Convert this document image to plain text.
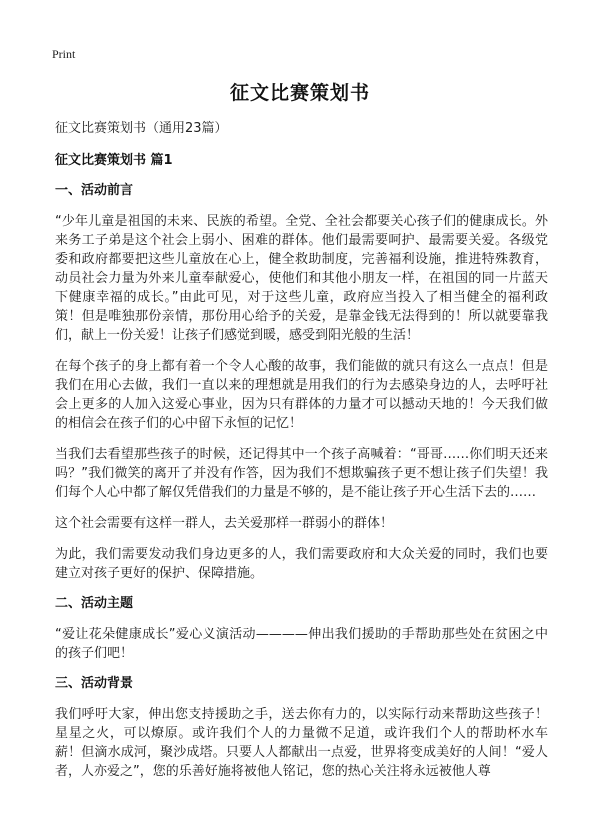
Print
征文比赛策划书

征文比赛策划书（通用23篇）

征文比赛策划书 篇1

一、活动前言

“少年儿童是祖国的未来、民族的希望。全党、全社会都要关心孩子们的健康成长。外来务工子弟是这个社会上弱小、困难的群体。他们最需要呵护、最需要关爱。各级党委和政府都要把这些儿童放在心上，健全救助制度，完善福利设施，推进特殊教育，动员社会力量为外来儿童奉献爱心，使他们和其他小朋友一样，在祖国的同一片蓝天下健康幸福的成长。”由此可见，对于这些儿童，政府应当投入了相当健全的福利政策！但是唯独那份亲情，那份用心给予的关爱，是靠金钱无法得到的！所以就要靠我们，献上一份关爱！让孩子们感觉到暖，感受到阳光般的生活！

在每个孩子的身上都有着一个令人心酸的故事，我们能做的就只有这么一点点！但是我们在用心去做，我们一直以来的理想就是用我们的行为去感染身边的人，去呼吁社会上更多的人加入这爱心事业，因为只有群体的力量才可以撼动天地的！今天我们做的相信会在孩子们的心中留下永恒的记忆！

当我们去看望那些孩子的时候，还记得其中一个孩子高喊着：“哥哥……你们明天还来吗？”我们微笑的离开了并没有作答，因为我们不想欺骗孩子更不想让孩子们失望！我们每个人心中都了解仅凭借我们的力量是不够的，是不能让孩子开心生活下去的……

这个社会需要有这样一群人，去关爱那样一群弱小的群体！

为此，我们需要发动我们身边更多的人，我们需要政府和大众关爱的同时，我们也要建立对孩子更好的保护、保障措施。

二、活动主题

“爱让花朵健康成长”爱心义演活动————伸出我们援助的手帮助那些处在贫困之中的孩子们吧！

三、活动背景

我们呼吁大家，伸出您支持援助之手，送去你有力的，以实际行动来帮助这些孩子！星星之火，可以燎原。或许我们个人的力量微不足道，或许我们个人的帮助杯水车薪！但滴水成河，聚沙成塔。只要人人都献出一点爱，世界将变成美好的人间！“爱人者，人亦爱之”，您的乐善好施将被他人铭记，您的热心关注将永远被他人尊
